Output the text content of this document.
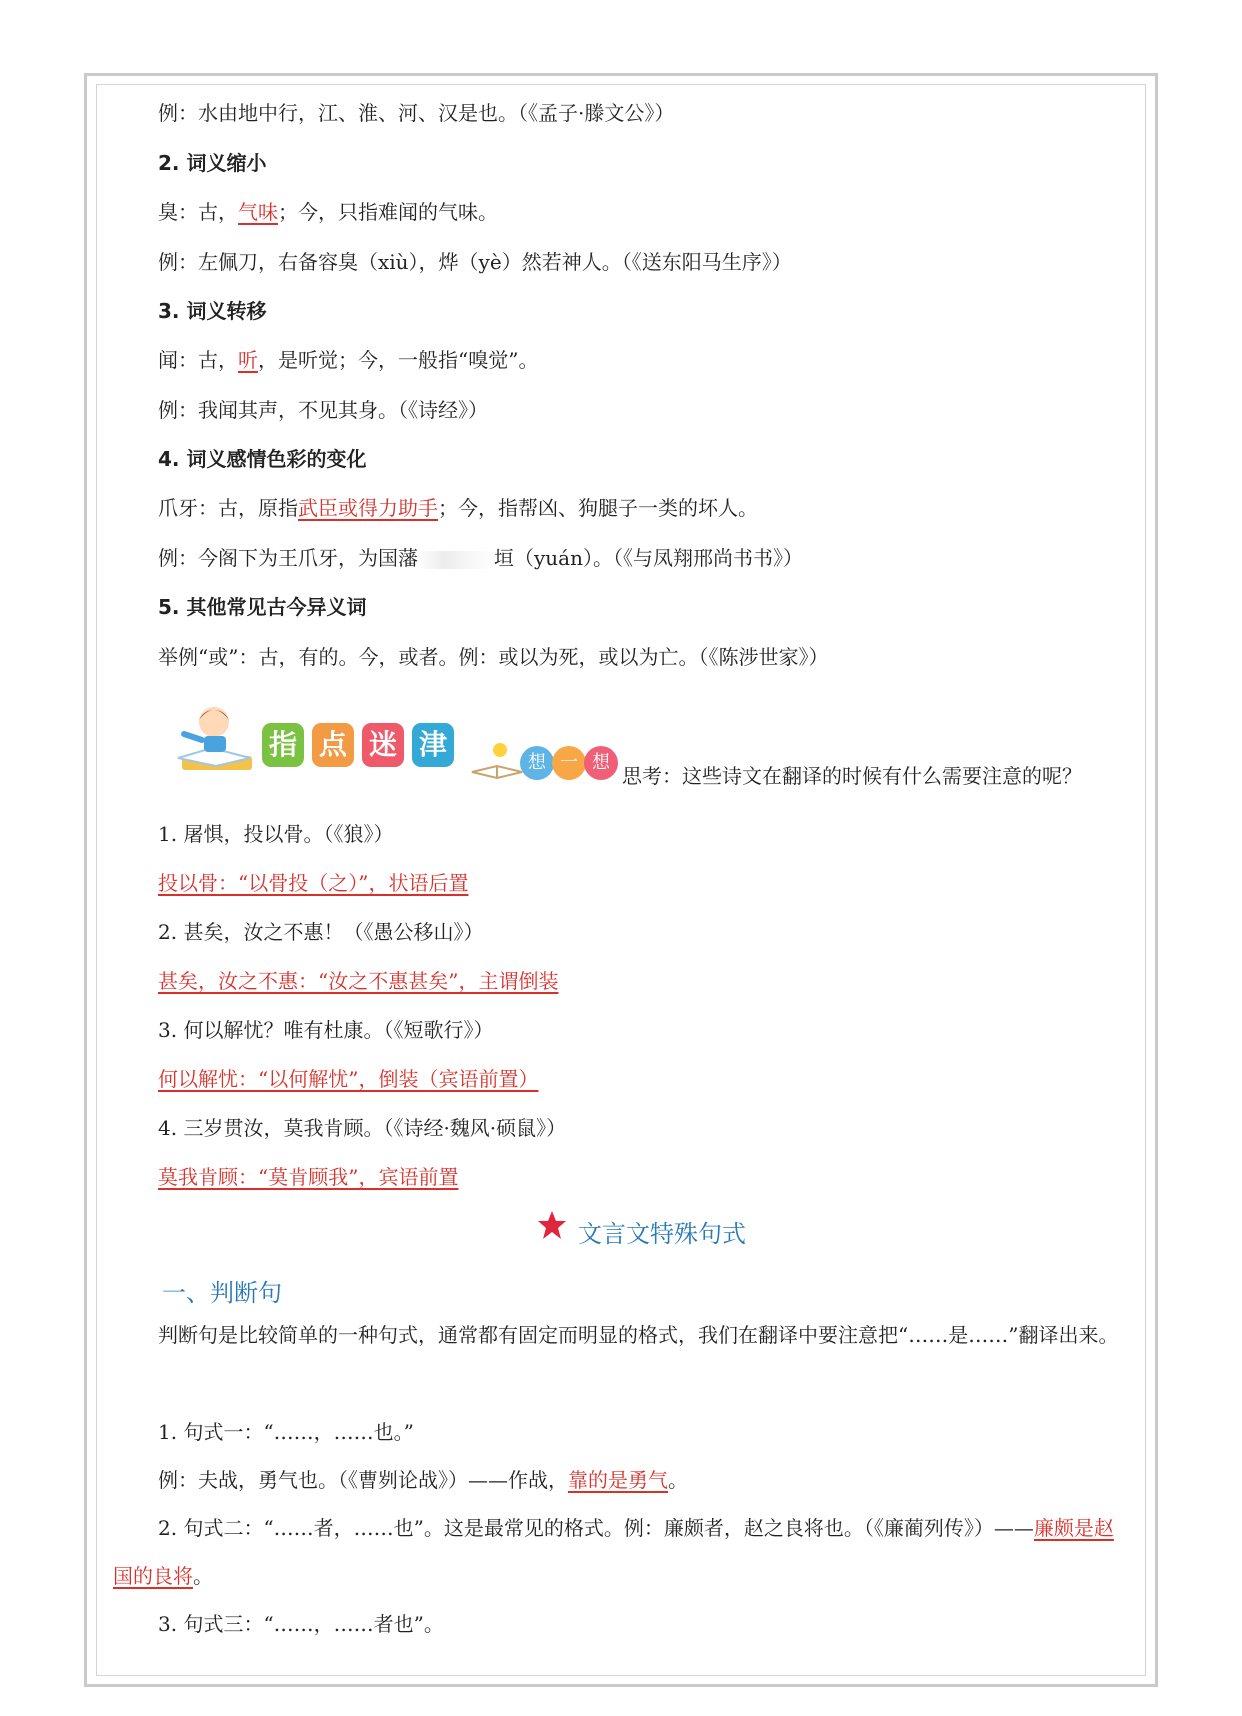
例：水由地中行，江、淮、河、汉是也。（《孟子·滕文公》）
2. 词义缩小
臭：古，气味；今，只指难闻的气味。
例：左佩刀，右备容臭（xiù），烨（yè）然若神人。（《送东阳马生序》）
3. 词义转移
闻：古，听，是听觉；今，一般指“嗅觉”。
例：我闻其声，不见其身。（《诗经》）
4. 词义感情色彩的变化
爪牙：古，原指武臣或得力助手；今，指帮凶、狗腿子一类的坏人。
例：今阁下为王爪牙，为国藩	垣（yuán）。（《与凤翔邢尚书书》）
5. 其他常见古今异义词
举例“或”：古，有的。今，或者。例：或以为死，或以为亡。（《陈涉世家》）
指 点 迷 津
想 一 想
思考：这些诗文在翻译的时候有什么需要注意的呢？
1. 屠惧，投以骨。（《狼》）
投以骨：“以骨投（之）”，状语后置
2. 甚矣，汝之不惠！（《愚公移山》）
甚矣，汝之不惠：“汝之不惠甚矣”，主谓倒装
3. 何以解忧？唯有杜康。（《短歌行》）
何以解忧：“以何解忧”，倒装（宾语前置）
4. 三岁贯汝，莫我肯顾。（《诗经·魏风·硕鼠》）
莫我肯顾：“莫肯顾我”，宾语前置
文言文特殊句式
一、判断句
判断句是比较简单的一种句式，通常都有固定而明显的格式，我们在翻译中要注意把“……是……”翻译出来。
1. 句式一：“……，……也。”
例：夫战，勇气也。（《曹刿论战》）——作战，靠的是勇气。
2. 句式二：“……者，……也”。这是最常见的格式。例：廉颇者，赵之良将也。（《廉蔺列传》）——廉颇是赵国的良将。
3. 句式三：“……，……者也”。
